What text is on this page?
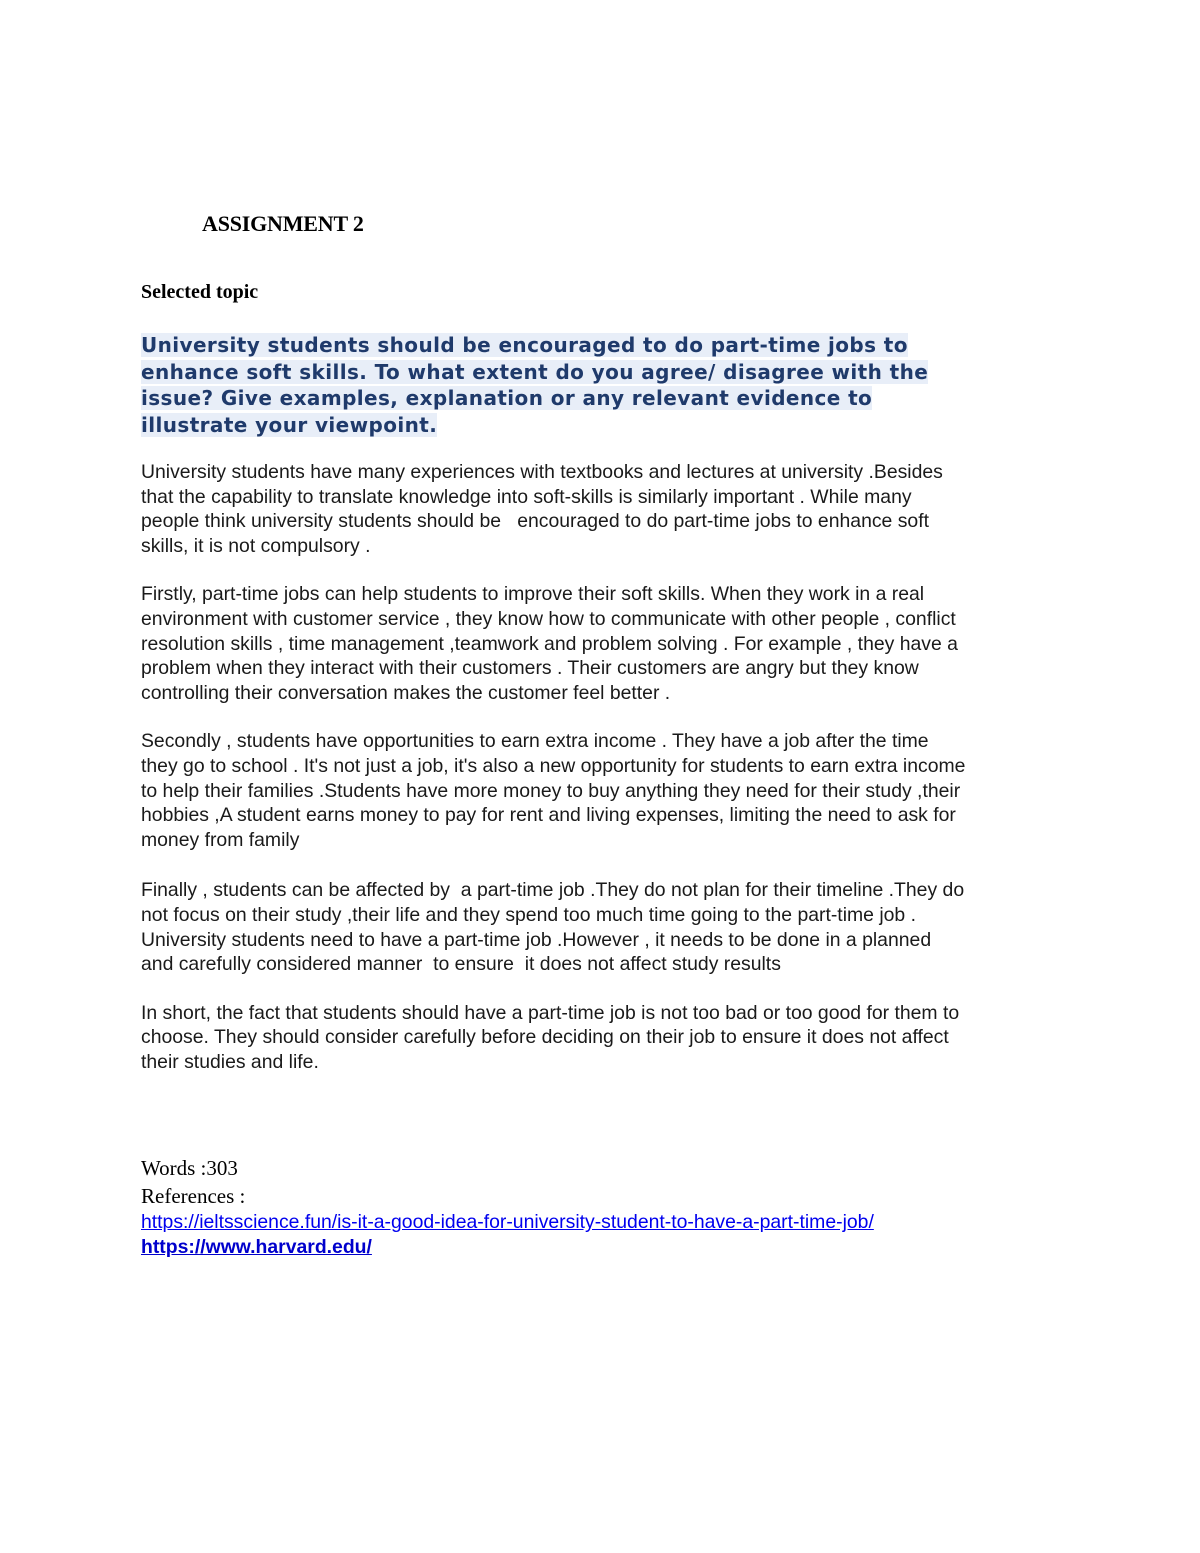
ASSIGNMENT 2
Selected topic
University students should be encouraged to do part-time jobs to
enhance soft skills. To what extent do you agree/ disagree with the
issue? Give examples, explanation or any relevant evidence to
illustrate your viewpoint.

University students have many experiences with textbooks and lectures at university .Besides
that the capability to translate knowledge into soft-skills is similarly important . While many
people think university students should be   encouraged to do part-time jobs to enhance soft
skills, it is not compulsory .

Firstly, part-time jobs can help students to improve their soft skills. When they work in a real
environment with customer service , they know how to communicate with other people , conflict
resolution skills , time management ,teamwork and problem solving . For example , they have a
problem when they interact with their customers . Their customers are angry but they know
controlling their conversation makes the customer feel better .

Secondly , students have opportunities to earn extra income . They have a job after the time
they go to school . It's not just a job, it's also a new opportunity for students to earn extra income
to help their families .Students have more money to buy anything they need for their study ,their
hobbies ,A student earns money to pay for rent and living expenses, limiting the need to ask for
money from family

Finally , students can be affected by  a part-time job .They do not plan for their timeline .They do
not focus on their study ,their life and they spend too much time going to the part-time job .
University students need to have a part-time job .However , it needs to be done in a planned
and carefully considered manner  to ensure  it does not affect study results

In short, the fact that students should have a part-time job is not too bad or too good for them to
choose. They should consider carefully before deciding on their job to ensure it does not affect
their studies and life.

Words :303
References :
https://ieltsscience.fun/is-it-a-good-idea-for-university-student-to-have-a-part-time-job/
https://www.harvard.edu/
